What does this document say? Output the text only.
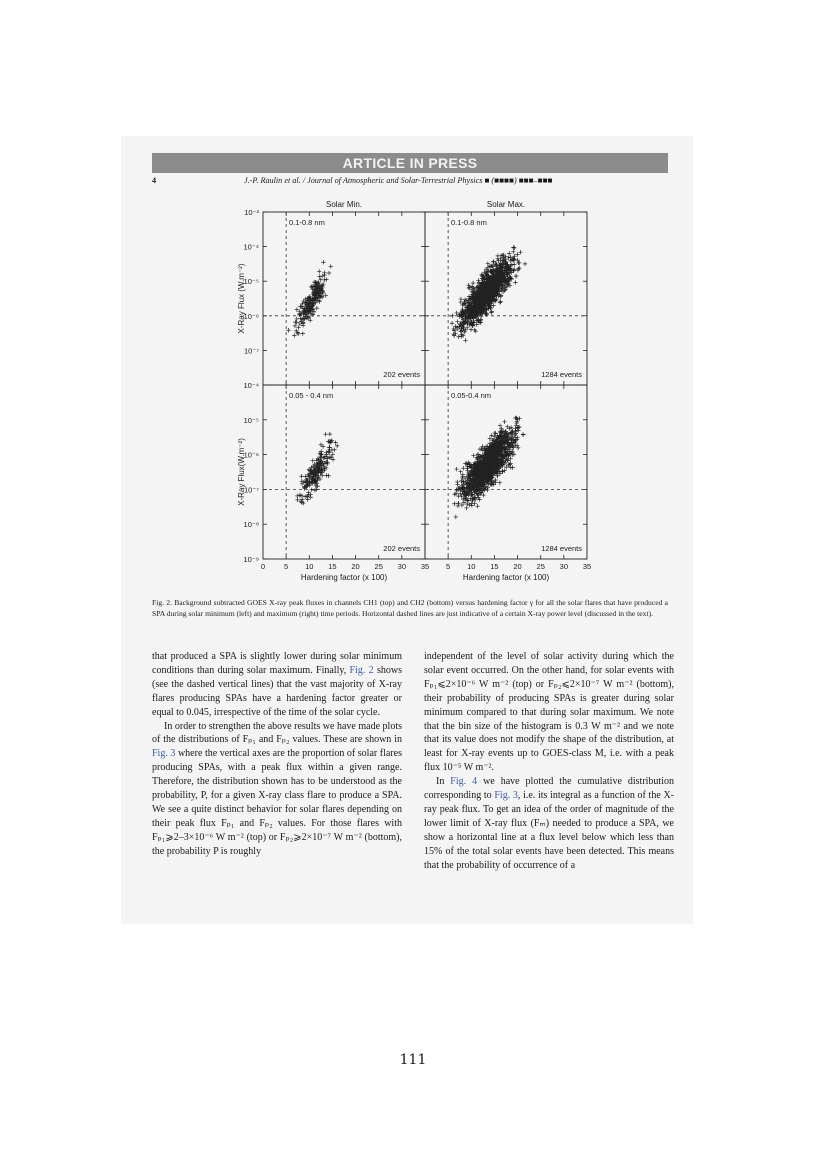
ARTICLE IN PRESS
4	J.-P. Raulin et al. / Journal of Atmospheric and Solar-Terrestrial Physics ■ (■■■■) ■■■–■■■
Solar Min.	Solar Max.
X-Ray Flux (W.m⁻²)
X-Ray Flux(W.m⁻²)
Hardening factor (x 100)	Hardening factor (x 100)
10⁻³
10⁻⁴
10⁻⁵
10⁻⁶
10⁻⁷
0.1-0.8 nm
202 events
0.1-0.8 nm
1284 events
10⁻⁴
10⁻⁵
10⁻⁶
10⁻⁷
10⁻⁸
10⁻⁹
0	5 10 15 20 25 30 35
0.05 - 0.4 nm
202 events
5 10 15 20 25 30 35
0.05-0.4 nm
1284 events
Fig. 2. Background subtracted GOES X-ray peak fluxes in channels CH1 (top) and CH2 (bottom) versus hardening factor γ for all the solar flares that have produced a SPA during solar minimum (left) and maximum (right) time periods. Horizontal dashed lines are just indicative of a certain X-ray power level (discussed in the text).

that produced a SPA is slightly lower during solar minimum conditions than during solar maximum. Finally, Fig. 2 shows (see the dashed vertical lines) that the vast majority of X-ray flares producing SPAs have a hardening factor greater or equal to 0.045, irrespective of the time of the solar cycle.

In order to strengthen the above results we have made plots of the distributions of Fₚ₁ and Fₚ₂ values. These are shown in Fig. 3 where the vertical axes are the proportion of solar flares producing SPAs, with a peak flux within a given range. Therefore, the distribution shown has to be understood as the probability, P, for a given X-ray class flare to produce a SPA. We see a quite distinct behavior for solar flares depending on their peak flux Fₚ₁ and Fₚ₂ values. For those flares with Fₚ₁⩾2–3×10⁻⁶ W m⁻² (top) or Fₚ₂⩾2×10⁻⁷ W m⁻² (bottom), the probability P is roughly

independent of the level of solar activity during which the solar event occurred. On the other hand, for solar events with Fₚ₁⩽2×10⁻⁶ W m⁻² (top) or Fₚ₂⩽2×10⁻⁷ W m⁻² (bottom), their probability of producing SPAs is greater during solar minimum compared to that during solar maximum. We note that the bin size of the histogram is 0.3 W m⁻² and we note that its value does not modify the shape of the distribution, at least for X-ray events up to GOES-class M, i.e. with a peak flux 10⁻⁵ W m⁻².

In Fig. 4 we have plotted the cumulative distribution corresponding to Fig. 3, i.e. its integral as a function of the X-ray peak flux. To get an idea of the order of magnitude of the lower limit of X-ray flux (Fₘ) needed to produce a SPA, we show a horizontal line at a flux level below which less than 15% of the total solar events have been detected. This means that the probability of occurrence of a

111
